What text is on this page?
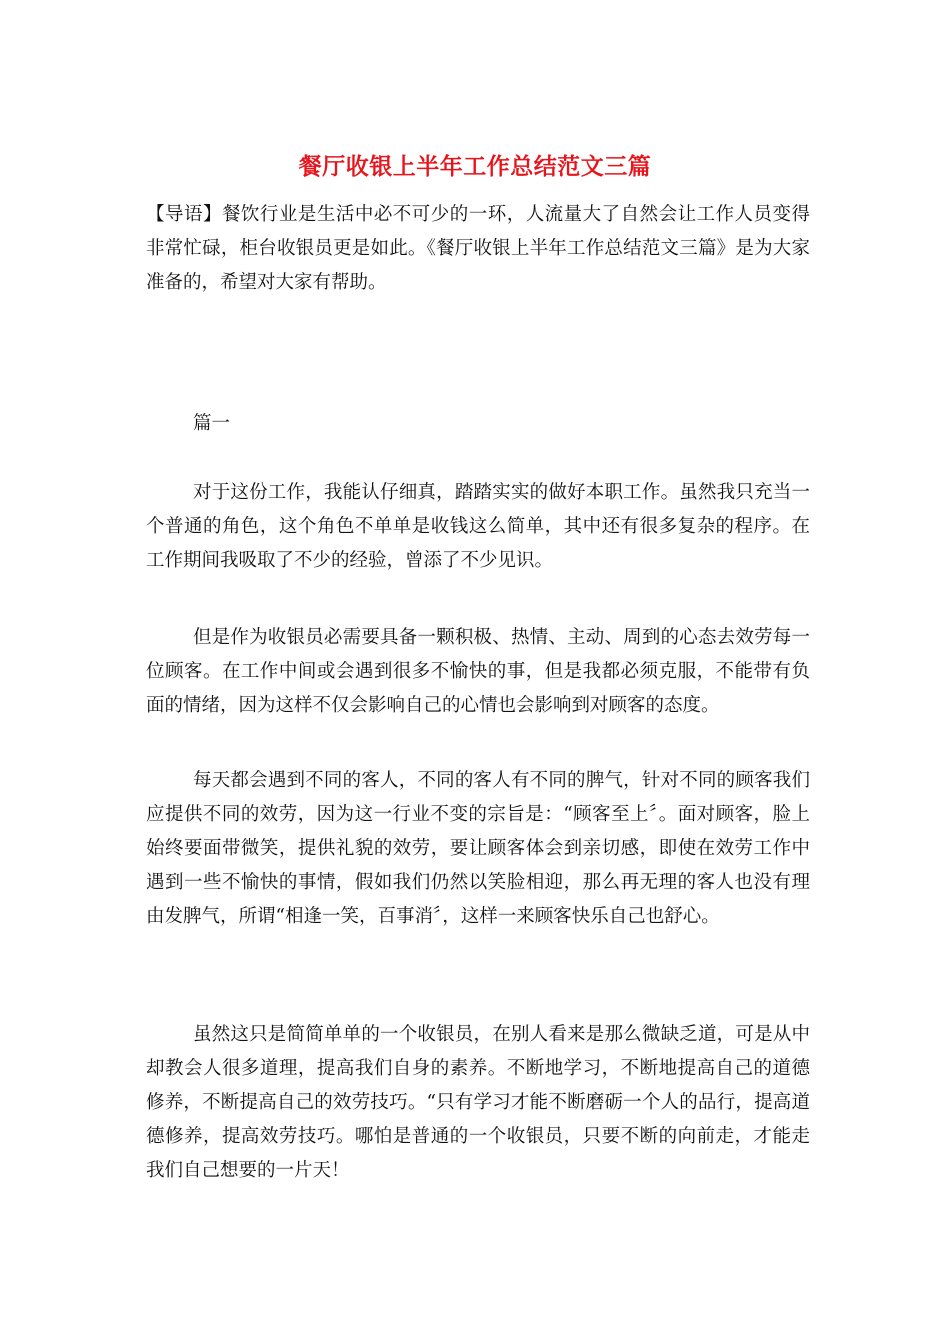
餐厅收银上半年工作总结范文三篇

【导语】餐饮行业是生活中必不可少的一环，人流量大了自然会让工作人员变得非常忙碌，柜台收银员更是如此。《餐厅收银上半年工作总结范文三篇》是为大家准备的，希望对大家有帮助。

篇一

对于这份工作，我能认仔细真，踏踏实实的做好本职工作。虽然我只充当一个普通的角色，这个角色不单单是收钱这么简单，其中还有很多复杂的程序。在工作期间我吸取了不少的经验，曾添了不少见识。

但是作为收银员必需要具备一颗积极、热情、主动、周到的心态去效劳每一位顾客。在工作中间或会遇到很多不愉快的事，但是我都必须克服，不能带有负面的情绪，因为这样不仅会影响自己的心情也会影响到对顾客的态度。

每天都会遇到不同的客人，不同的客人有不同的脾气，针对不同的顾客我们应提供不同的效劳，因为这一行业不变的宗旨是：“顾客至上〞。面对顾客，脸上始终要面带微笑，提供礼貌的效劳，要让顾客体会到亲切感，即使在效劳工作中遇到一些不愉快的事情，假如我们仍然以笑脸相迎，那么再无理的客人也没有理由发脾气，所谓“相逢一笑，百事消〞，这样一来顾客快乐自己也舒心。

虽然这只是简简单单的一个收银员，在别人看来是那么微缺乏道，可是从中却教会人很多道理，提高我们自身的素养。不断地学习，不断地提高自己的道德修养，不断提高自己的效劳技巧。“只有学习才能不断磨砺一个人的品行，提高道德修养，提高效劳技巧。哪怕是普通的一个收银员，只要不断的向前走，才能走我们自己想要的一片天！
